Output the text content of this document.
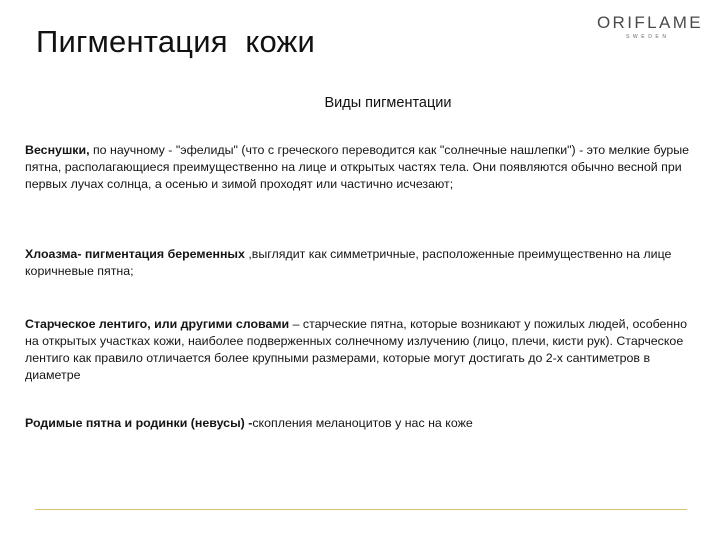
Пигментация  кожи
ORIFLAME
SWEDEN
Виды пигментации

Веснушки, по научному - "эфелиды" (что с греческого переводится как "солнечные нашлепки") - это мелкие бурые пятна, располагающиеся преимущественно на лице и открытых частях тела. Они появляются обычно весной при первых лучах солнца, а осенью и зимой проходят или частично исчезают;

Хлоазма- пигментация беременных ,выглядит как симметричные, расположенные преимущественно на лице коричневые пятна;

Старческое лентиго, или другими словами – старческие пятна, которые возникают у пожилых людей, особенно на открытых участках кожи, наиболее подверженных солнечному излучению (лицо, плечи, кисти рук). Старческое лентиго как правило отличается более крупными размерами, которые могут достигать до 2-х сантиметров в диаметре

Родимые пятна и родинки (невусы) -скопления меланоцитов у нас на коже
